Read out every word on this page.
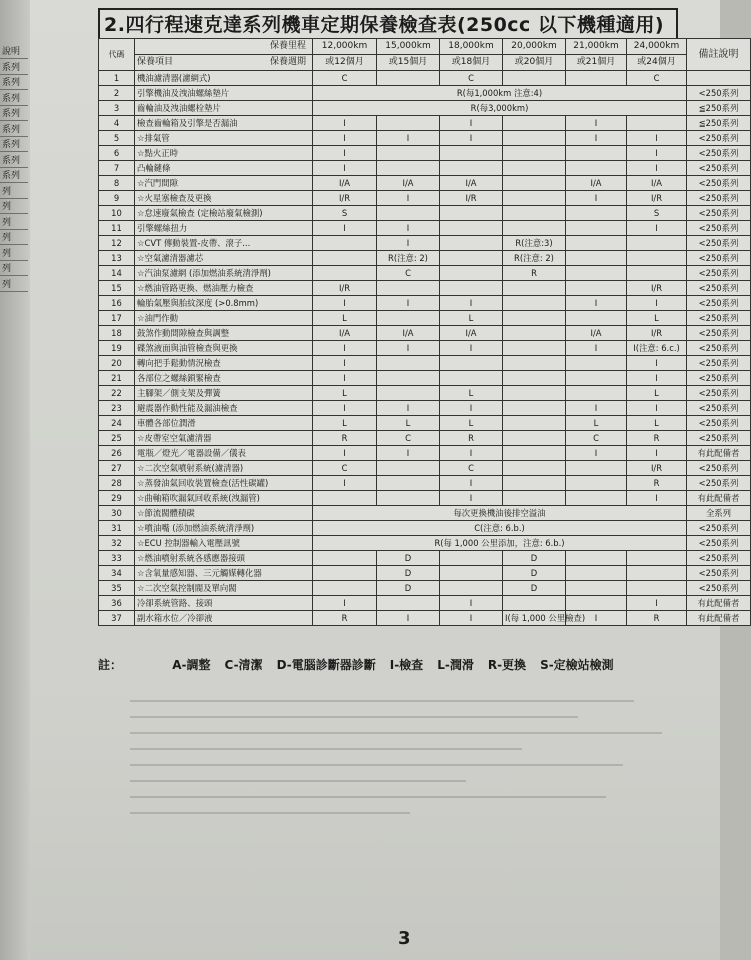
說明
系列
系列
系列
系列
系列
系列
系列
系列
列
列
列
列
列
列
列
2.四行程速克達系列機車定期保養檢查表(250cc 以下機種適用)
代碼	保養里程	12,000km	15,000km	18,000km	20,000km	21,000km	24,000km	備註說明
	保養項目 保養週期	或12個月	或15個月	或18個月	或20個月	或21個月	或24個月	
1	機油濾清器(濾網式)	C		C			C	
2	引擎機油及洩油螺絲墊片	R(每1,000km 注意:4)						<250系列
3	齒輪油及洩油螺栓墊片	R(每3,000km)						≦250系列
4	檢查齒輪箱及引擎是否漏油	I		I		I		≦250系列
5	☆排氣管	I	I	I		I	I	<250系列
6	☆點火正時	I					I	<250系列
7	凸輪鏈條	I					I	<250系列
8	☆汽門間隙	I/A	I/A	I/A		I/A	I/A	<250系列
9	☆火星塞檢查及更換	I/R	I	I/R		I	I/R	<250系列
10	☆怠速廢氣檢查 (定檢站廢氣檢測)	S					S	<250系列
11	引擎螺絲扭力	I	I				I	<250系列
12	☆CVT 傳動裝置-皮帶、滾子...		I		R(注意:3)			<250系列
13	☆空氣濾清器濾芯		R(注意: 2)		R(注意: 2)			<250系列
14	☆汽油泵濾網 (添加燃油系統清淨劑)		C		R			<250系列
15	☆燃油管路更換、燃油壓力檢查	I/R					I/R	<250系列
16	輪胎氣壓與胎紋深度 (>0.8mm)	I	I	I		I	I	<250系列
17	☆油門作動	L		L			L	<250系列
18	鼓煞作動間隙檢查與調整	I/A	I/A	I/A		I/A	I/R	<250系列
19	碟煞液面與油管檢查與更換	I	I	I		I	I(注意: 6.c.)	<250系列
20	轉向把手鬆動情況檢查	I					I	<250系列
21	各部位之螺絲鎖緊檢查	I					I	<250系列
22	主腳架／側支架及彈簧	L		L			L	<250系列
23	避震器作動性能及漏油檢查	I	I	I		I	I	<250系列
24	車體各部位潤滑	L	L	L		L	L	<250系列
25	☆皮帶室空氣濾清器	R	C	R		C	R	<250系列
26	電瓶／燈光／電器設備／儀表	I	I	I		I	I	有此配備者
27	☆二次空氣噴射系統(濾清器)	C		C			I/R	<250系列
28	☆蒸發油氣回收裝置檢查(活性碳罐)	I		I			R	<250系列
29	☆曲軸箱吹漏氣回收系統(洩漏管)			I			I	有此配備者
30	☆節流閥體積碳	每次更換機油後排空溢油						全系列
31	☆噴油嘴 (添加燃油系統清淨劑)	C(注意: 6.b.)						<250系列
32	☆ECU 控制器輸入電壓訊號	R(每 1,000 公里添加，注意: 6.b.)						<250系列
33	☆燃油噴射系統各感應器接頭		D		D			<250系列
34	☆含氧量感知器、三元觸媒轉化器		D		D			<250系列
35	☆二次空氣控制閥及單向閥		D		D			<250系列
36	冷卻系統管路、接頭	I		I			I	有此配備者
37	副水箱水位／冷卻液	R	I	I	I(每 1,000 公里檢查)	I	R	有此配備者
註：	A-調整 C-清潔 D-電腦診斷器診斷 I-檢查 L-潤滑 R-更換 S-定檢站檢測
3
